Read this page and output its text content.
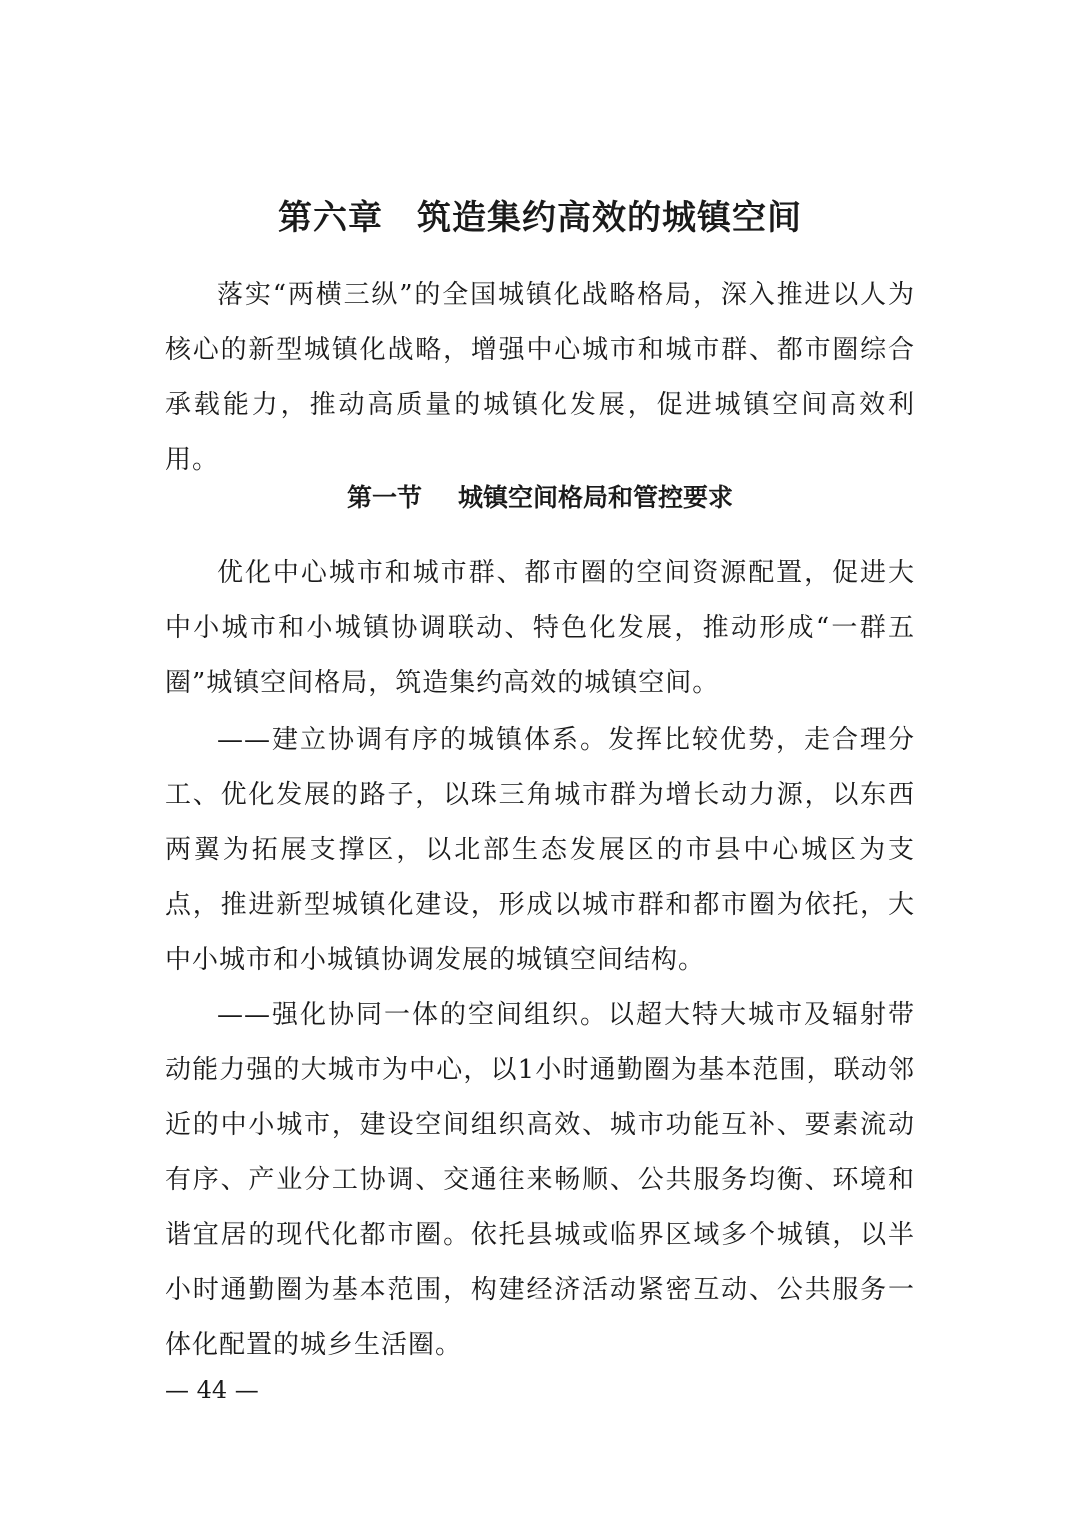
第六章 筑造集约高效的城镇空间

落实“两横三纵”的全国城镇化战略格局，深入推进以人为核心的新型城镇化战略，增强中心城市和城市群、都市圈综合承载能力，推动高质量的城镇化发展，促进城镇空间高效利用。

第一节 城镇空间格局和管控要求

优化中心城市和城市群、都市圈的空间资源配置，促进大中小城市和小城镇协调联动、特色化发展，推动形成“一群五圈”城镇空间格局，筑造集约高效的城镇空间。

——建立协调有序的城镇体系。发挥比较优势，走合理分工、优化发展的路子，以珠三角城市群为增长动力源，以东西两翼为拓展支撑区，以北部生态发展区的市县中心城区为支点，推进新型城镇化建设，形成以城市群和都市圈为依托，大中小城市和小城镇协调发展的城镇空间结构。

——强化协同一体的空间组织。以超大特大城市及辐射带动能力强的大城市为中心，以1小时通勤圈为基本范围，联动邻近的中小城市，建设空间组织高效、城市功能互补、要素流动有序、产业分工协调、交通往来畅顺、公共服务均衡、环境和谐宜居的现代化都市圈。依托县城或临界区域多个城镇，以半小时通勤圈为基本范围，构建经济活动紧密互动、公共服务一体化配置的城乡生活圈。

— 44 —
